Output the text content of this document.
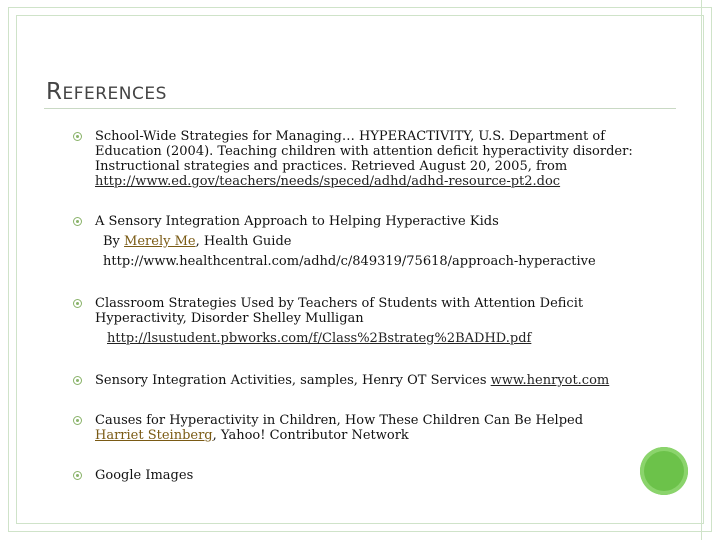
REFERENCES
School-Wide Strategies for Managing… HYPERACTIVITY, U.S. Department of
Education (2004). Teaching children with attention deficit hyperactivity disorder:
Instructional strategies and practices. Retrieved August 20, 2005, from
http://www.ed.gov/teachers/needs/speced/adhd/adhd-resource-pt2.doc
A Sensory Integration Approach to Helping Hyperactive Kids
By Merely Me, Health Guide
http://www.healthcentral.com/adhd/c/849319/75618/approach-hyperactive
Classroom Strategies Used by Teachers of Students with Attention Deficit
Hyperactivity, Disorder Shelley Mulligan
http://lsustudent.pbworks.com/f/Class%2Bstrateg%2BADHD.pdf
Sensory Integration Activities, samples, Henry OT Services www.henryot.com
Causes for Hyperactivity in Children, How These Children Can Be Helped
Harriet Steinberg, Yahoo! Contributor Network
Google Images
